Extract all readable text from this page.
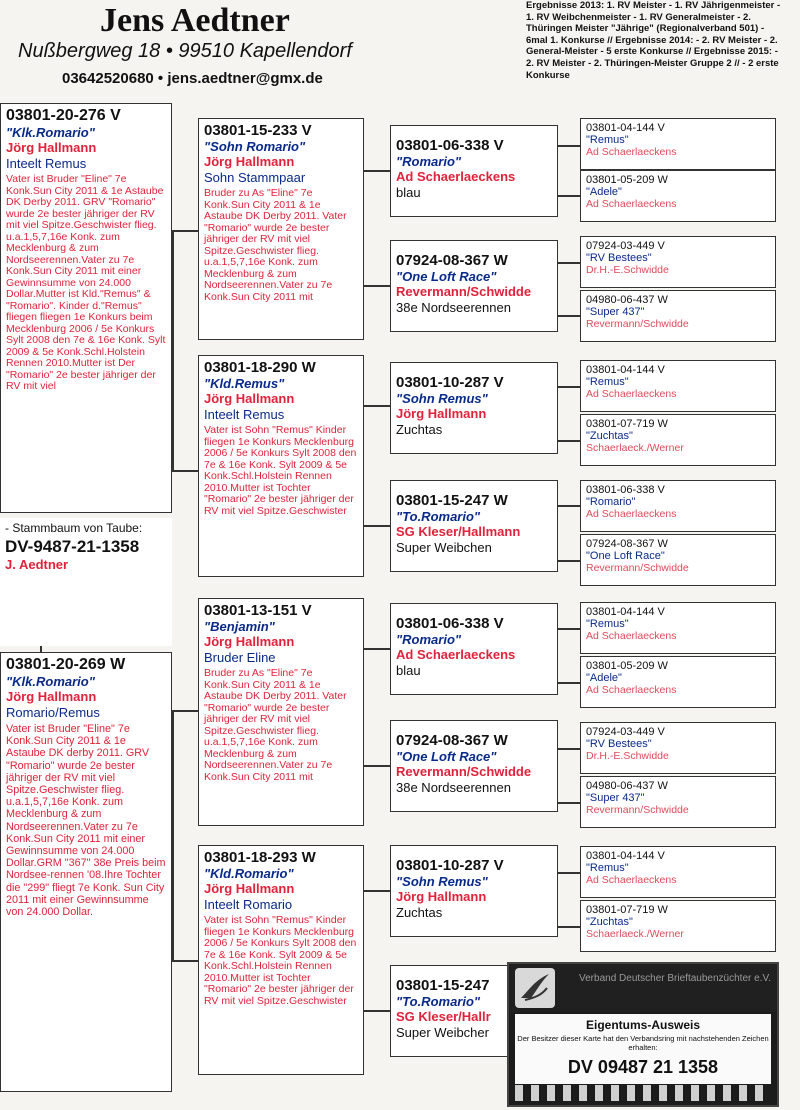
Jens Aedtner
Nußbergweg 18 • 99510 Kapellendorf
03642520680 • jens.aedtner@gmx.de
Ergebnisse 2013: 1. RV Meister - 1. RV Jährigenmeister - 1. RV Weibchenmeister - 1. RV Generalmeister - 2. Thüringen Meister "Jährige" (Regionalverband 501) - 6mal 1. Konkurse // Ergebnisse 2014: - 2. RV Meister - 2. General-Meister - 5 erste Konkurse // Ergebnisse 2015: - 2. RV Meister - 2. Thüringen-Meister Gruppe 2 // - 2 erste Konkurse
03801-20-276 V
"Klk.Romario"
Jörg Hallmann
Inteelt Remus
Vater ist Bruder "Eline" 7e Konk.Sun City 2011 & 1e Astaube DK Derby 2011. GRV "Romario" wurde 2e bester jähriger der RV mit viel Spitze.Geschwister flieg. u.a.1,5,7,16e Konk. zum Mecklenburg & zum Nordseerennen.Vater zu 7e Konk.Sun City 2011 mit einer Gewinnsumme von 24.000 Dollar.Mutter ist Kld."Remus" & "Romario". Kinder d."Remus" fliegen fliegen 1e Konkurs beim Mecklenburg 2006 / 5e Konkurs Sylt 2008 den 7e & 16e Konk. Sylt 2009 & 5e Konk.Schl.Holstein Rennen 2010.Mutter ist Der "Romario" 2e bester jähriger der RV mit viel
- Stammbaum von Taube:
DV-9487-21-1358
J. Aedtner
03801-20-269 W
"Klk.Romario"
Jörg Hallmann
Romario/Remus
Vater ist Bruder "Eline" 7e Konk.Sun City 2011 & 1e Astaube DK derby 2011. GRV "Romario" wurde 2e bester jähriger der RV mit viel Spitze.Geschwister flieg. u.a.1,5,7,16e Konk. zum Mecklenburg & zum Nordseerennen.Vater zu 7e Konk.Sun City 2011 mit einer Gewinnsumme von 24.000 Dollar.GRM "367" 38e Preis beim Nordsee-rennen '08.Ihre Tochter die "299" fliegt 7e Konk. Sun City 2011 mit einer Gewinnsumme von 24.000 Dollar.
03801-15-233 V
"Sohn Romario"
Jörg Hallmann
Sohn Stammpaar
Bruder zu As "Eline" 7e Konk.Sun City 2011 & 1e Astaube DK Derby 2011. Vater "Romario" wurde 2e bester jähriger der RV mit viel Spitze.Geschwister flieg. u.a.1,5,7,16e Konk. zum Mecklenburg & zum Nordseerennen.Vater zu 7e Konk.Sun City 2011 mit
03801-18-290 W
"Kld.Remus"
Jörg Hallmann
Inteelt Remus
Vater ist Sohn "Remus" Kinder fliegen 1e Konkurs Mecklenburg 2006 / 5e Konkurs Sylt 2008 den 7e & 16e Konk. Sylt 2009 & 5e Konk.Schl.Holstein Rennen 2010.Mutter ist Tochter "Romario" 2e bester jähriger der RV mit viel Spitze.Geschwister
03801-13-151 V
"Benjamin"
Jörg Hallmann
Bruder Eline
Bruder zu As "Eline" 7e Konk.Sun City 2011 & 1e Astaube DK Derby 2011. Vater "Romario" wurde 2e bester jähriger der RV mit viel Spitze.Geschwister flieg. u.a.1,5,7,16e Konk. zum Mecklenburg & zum Nordseerennen.Vater zu 7e Konk.Sun City 2011 mit
03801-18-293 W
"Kld.Romario"
Jörg Hallmann
Inteelt Romario
Vater ist Sohn "Remus" Kinder fliegen 1e Konkurs Mecklenburg 2006 / 5e Konkurs Sylt 2008 den 7e & 16e Konk. Sylt 2009 & 5e Konk.Schl.Holstein Rennen 2010.Mutter ist Tochter "Romario" 2e bester jähriger der RV mit viel Spitze.Geschwister
03801-06-338 V
"Romario"
Ad Schaerlaeckens
blau
07924-08-367 W
"One Loft Race"
Revermann/Schwidde
38e Nordseerennen
03801-10-287 V
"Sohn Remus"
Jörg Hallmann
Zuchtas
03801-15-247 W
"To.Romario"
SG Kleser/Hallmann
Super Weibchen
03801-06-338 V
"Romario"
Ad Schaerlaeckens
blau
07924-08-367 W
"One Loft Race"
Revermann/Schwidde
38e Nordseerennen
03801-10-287 V
"Sohn Remus"
Jörg Hallmann
Zuchtas
03801-15-247
"To.Romario"
SG Kleser/Hallr
Super Weibcher
03801-04-144 V
"Remus"
Ad Schaerlaeckens
03801-05-209 W
"Adele"
Ad Schaerlaeckens
07924-03-449 V
"RV Bestees"
Dr.H.-E.Schwidde
04980-06-437 W
"Super 437"
Revermann/Schwidde
03801-04-144 V
"Remus"
Ad Schaerlaeckens
03801-07-719 W
"Zuchtas"
Schaerlaeck./Werner
03801-06-338 V
"Romario"
Ad Schaerlaeckens
07924-08-367 W
"One Loft Race"
Revermann/Schwidde
03801-04-144 V
"Remus"
Ad Schaerlaeckens
03801-05-209 W
"Adele"
Ad Schaerlaeckens
07924-03-449 V
"RV Bestees"
Dr.H.-E.Schwidde
04980-06-437 W
"Super 437"
Revermann/Schwidde
03801-04-144 V
"Remus"
Ad Schaerlaeckens
03801-07-719 W
"Zuchtas"
Schaerlaeck./Werner
Verband Deutscher Brieftaubenzüchter e.V.
Eigentums-Ausweis
Der Besitzer dieser Karte hat den Verbandsring mit nachstehenden Zeichen erhalten:
DV 09487 21 1358
